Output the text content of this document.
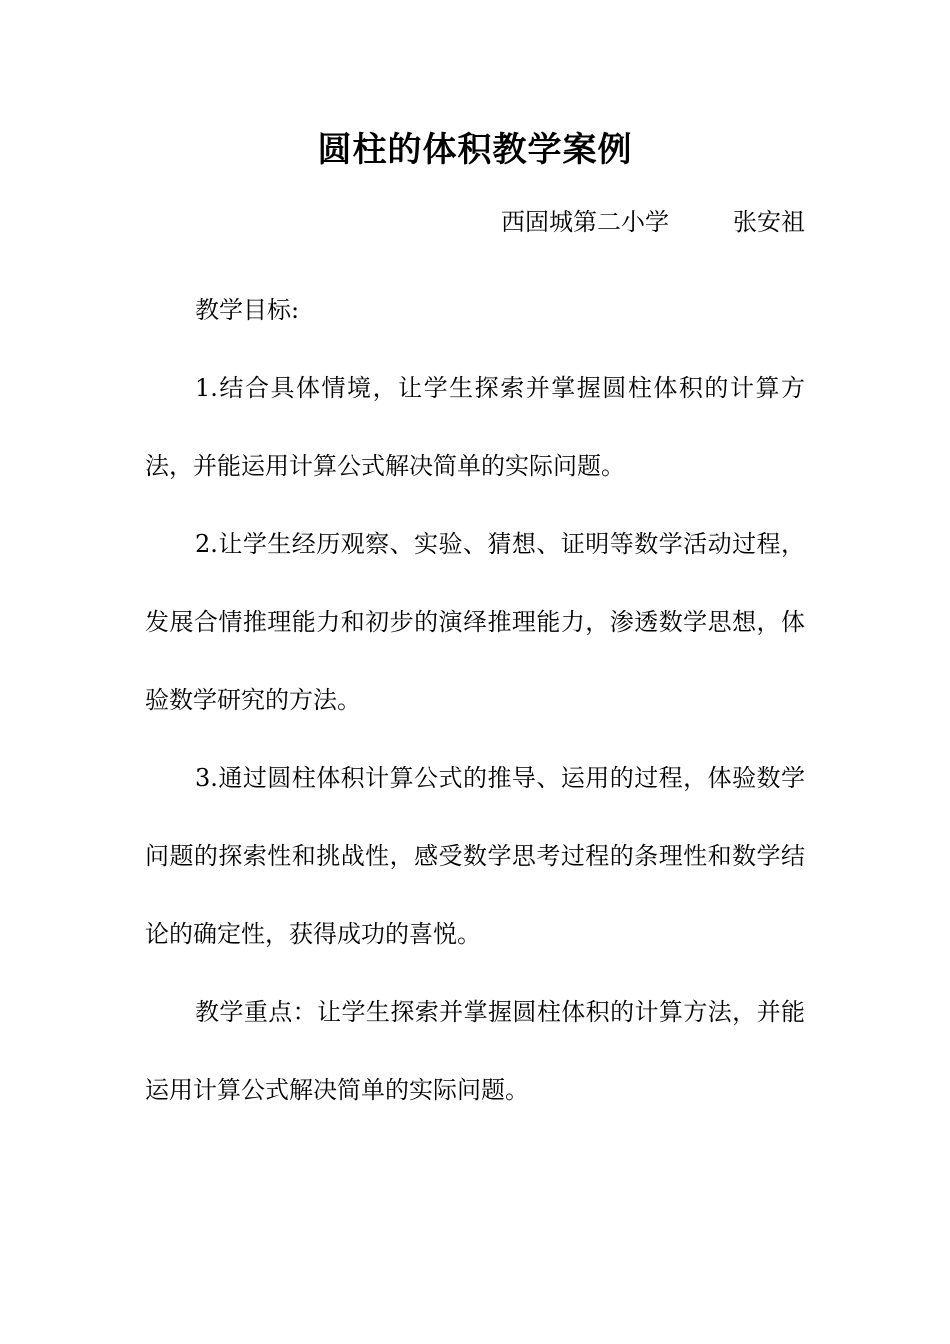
圆柱的体积教学案例
西固城第二小学	张安祖

教学目标:

1.结合具体情境，让学生探索并掌握圆柱体积的计算方法，并能运用计算公式解决简单的实际问题。

2.让学生经历观察、实验、猜想、证明等数学活动过程，发展合情推理能力和初步的演绎推理能力，渗透数学思想，体验数学研究的方法。

3.通过圆柱体积计算公式的推导、运用的过程，体验数学问题的探索性和挑战性，感受数学思考过程的条理性和数学结论的确定性，获得成功的喜悦。

教学重点：让学生探索并掌握圆柱体积的计算方法，并能运用计算公式解决简单的实际问题。
